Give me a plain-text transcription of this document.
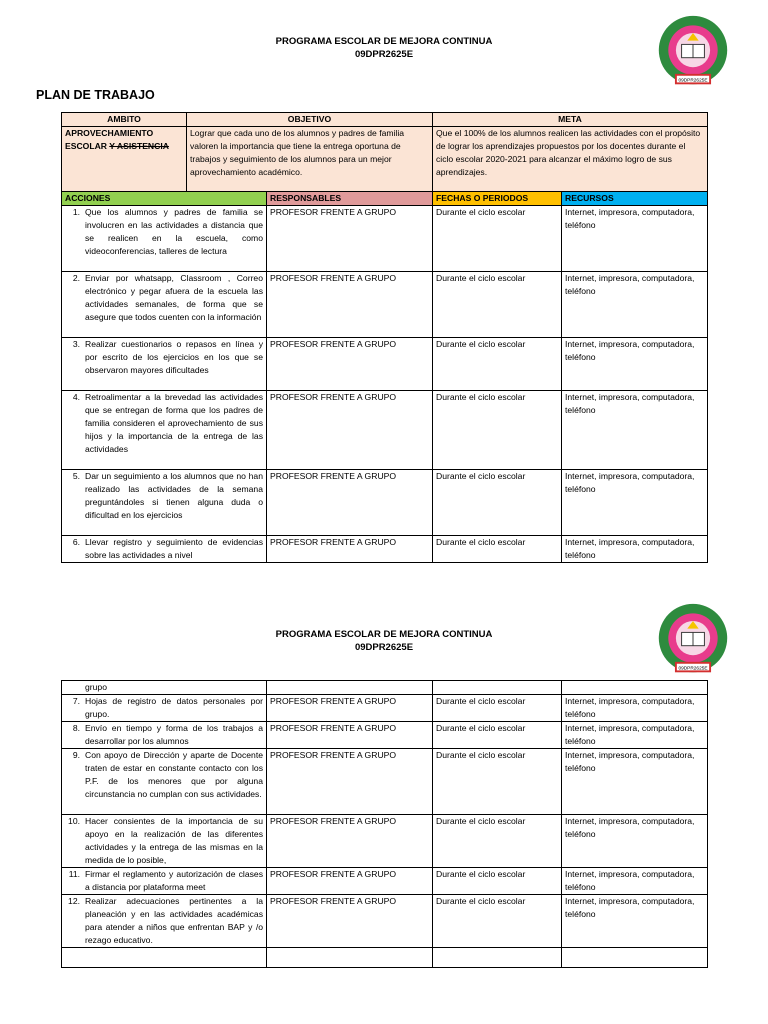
PROGRAMA ESCOLAR DE MEJORA CONTINUA
09DPR2625E
09DPR2625E
PLAN DE TRABAJO
AMBITO	OBJETIVO		META	

APROVECHAMIENTO
ESCOLAR Y ASISTENCIA	Lograr que cada uno de los alumnos y padres de familia valoren la importancia que tiene la entrega oportuna de trabajos y seguimiento de los alumnos para un mejor aprovechamiento académico.		Que el 100% de los alumnos realicen las actividades con el propósito de lograr los aprendizajes propuestos por los docentes durante el ciclo escolar 2020-2021 para alcanzar el máximo logro de sus aprendizajes.	
ACCIONES		RESPONSABLES	FECHAS O PERIODOS	RECURSOS

1. Que los alumnos y padres de familia se involucren en las actividades a distancia que se realicen en la escuela, como videoconferencias, talleres de lectura		PROFESOR FRENTE A GRUPO	Durante el ciclo escolar	Internet, impresora, computadora, teléfono

2. Enviar por whatsapp, Classroom , Correo electrónico y pegar afuera de la escuela las actividades semanales, de forma que se asegure que todos cuenten con la información		PROFESOR FRENTE A GRUPO	Durante el ciclo escolar	Internet, impresora, computadora, teléfono

3. Realizar cuestionarios o repasos en línea y por escrito de los ejercicios en los que se observaron mayores dificultades		PROFESOR FRENTE A GRUPO	Durante el ciclo escolar	Internet, impresora, computadora, teléfono

4. Retroalimentar a la brevedad las actividades que se entregan de forma que los padres de familia consideren el aprovechamiento de sus hijos y la importancia de la entrega de las actividades		PROFESOR FRENTE A GRUPO	Durante el ciclo escolar	Internet, impresora, computadora, teléfono

5. Dar un seguimiento a los alumnos que no han realizado las actividades de la semana preguntándoles si tienen alguna duda o dificultad en los ejercicios		PROFESOR FRENTE A GRUPO	Durante el ciclo escolar	Internet, impresora, computadora, teléfono

6. Llevar registro y seguimiento de evidencias sobre las actividades a nivel		PROFESOR FRENTE A GRUPO	Durante el ciclo escolar	Internet, impresora, computadora, teléfono
PROGRAMA ESCOLAR DE MEJORA CONTINUA
09DPR2625E
09DPR2625E
grupo			

7. Hojas de registro de datos personales por grupo.	PROFESOR FRENTE A GRUPO	Durante el ciclo escolar	Internet, impresora, computadora, teléfono

8. Envío en tiempo y forma de los trabajos a desarrollar por los alumnos	PROFESOR FRENTE A GRUPO	Durante el ciclo escolar	Internet, impresora, computadora, teléfono

9. Con apoyo de Dirección y aparte de Docente traten de estar en constante contacto con los P.F. de los menores que por alguna circunstancia no cumplan con sus actividades.	PROFESOR FRENTE A GRUPO	Durante el ciclo escolar	Internet, impresora, computadora, teléfono

10. Hacer consientes de la importancia de su apoyo en la realización de las diferentes actividades y la entrega de las mismas en la medida de lo posible,	PROFESOR FRENTE A GRUPO	Durante el ciclo escolar	Internet, impresora, computadora, teléfono

11. Firmar el reglamento y autorización de clases a distancia por plataforma meet	PROFESOR FRENTE A GRUPO	Durante el ciclo escolar	Internet, impresora, computadora, teléfono

12. Realizar adecuaciones pertinentes a la planeación y en las actividades académicas para atender a niños que enfrentan BAP y /o rezago educativo.	PROFESOR FRENTE A GRUPO	Durante el ciclo escolar	Internet, impresora, computadora, teléfono
